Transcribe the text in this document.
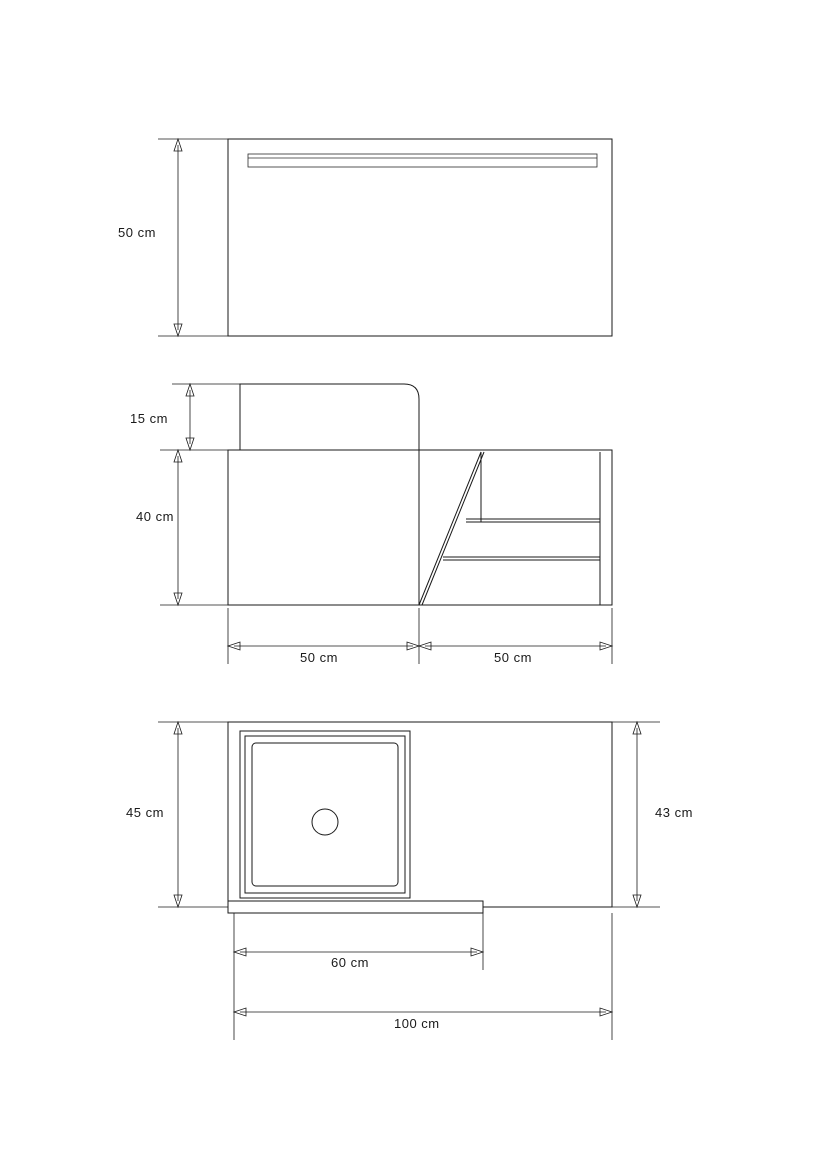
50 cm
15 cm
40 cm
50 cm	50 cm
45 cm	43 cm
60 cm
100 cm
